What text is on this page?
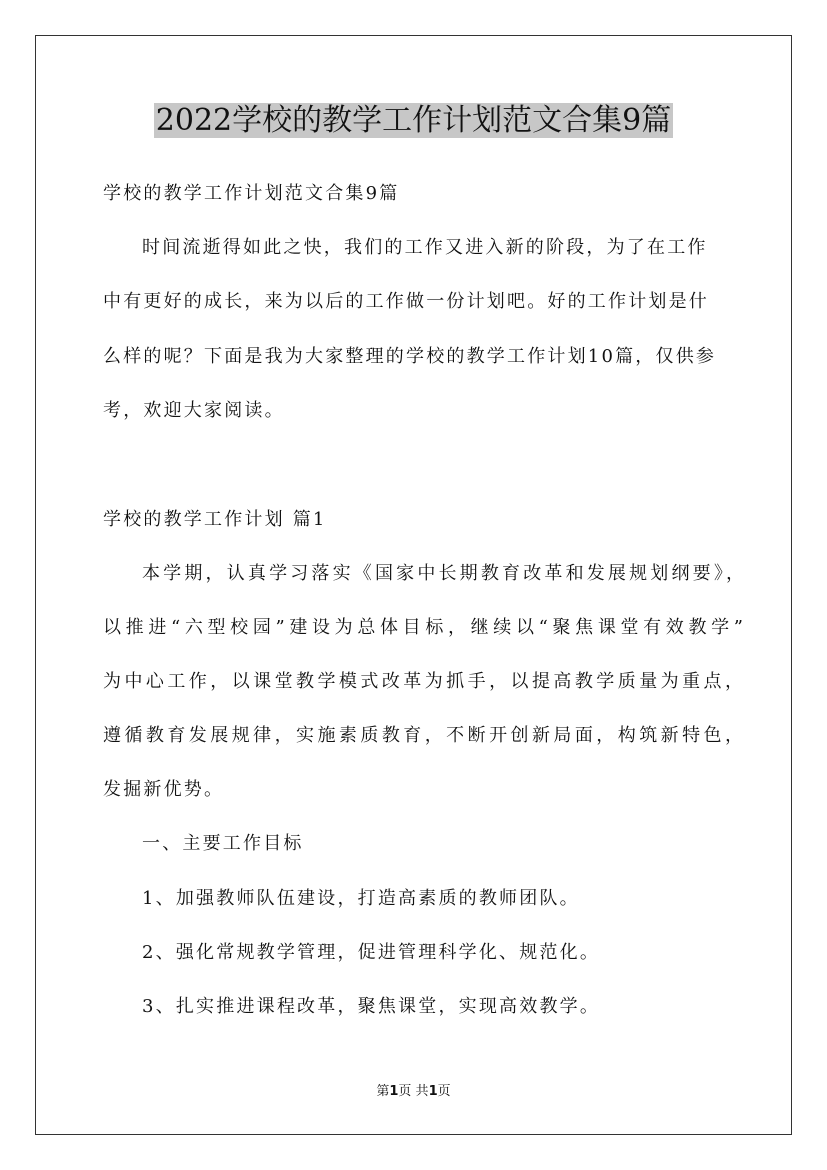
2022学校的教学工作计划范文合集9篇
学校的教学工作计划范文合集9篇
时间流逝得如此之快，我们的工作又进入新的阶段，为了在工作
中有更好的成长，来为以后的工作做一份计划吧。好的工作计划是什
么样的呢？下面是我为大家整理的学校的教学工作计划10篇，仅供参
考，欢迎大家阅读。
学校的教学工作计划 篇1
本学期，认真学习落实《国家中长期教育改革和发展规划纲要》，
以推进“六型校园”建设为总体目标，继续以“聚焦课堂有效教学”
为中心工作，以课堂教学模式改革为抓手，以提高教学质量为重点，
遵循教育发展规律，实施素质教育，不断开创新局面，构筑新特色，
发掘新优势。
一、主要工作目标
1、加强教师队伍建设，打造高素质的教师团队。
2、强化常规教学管理，促进管理科学化、规范化。
3、扎实推进课程改革，聚焦课堂，实现高效教学。
第1页 共1页
